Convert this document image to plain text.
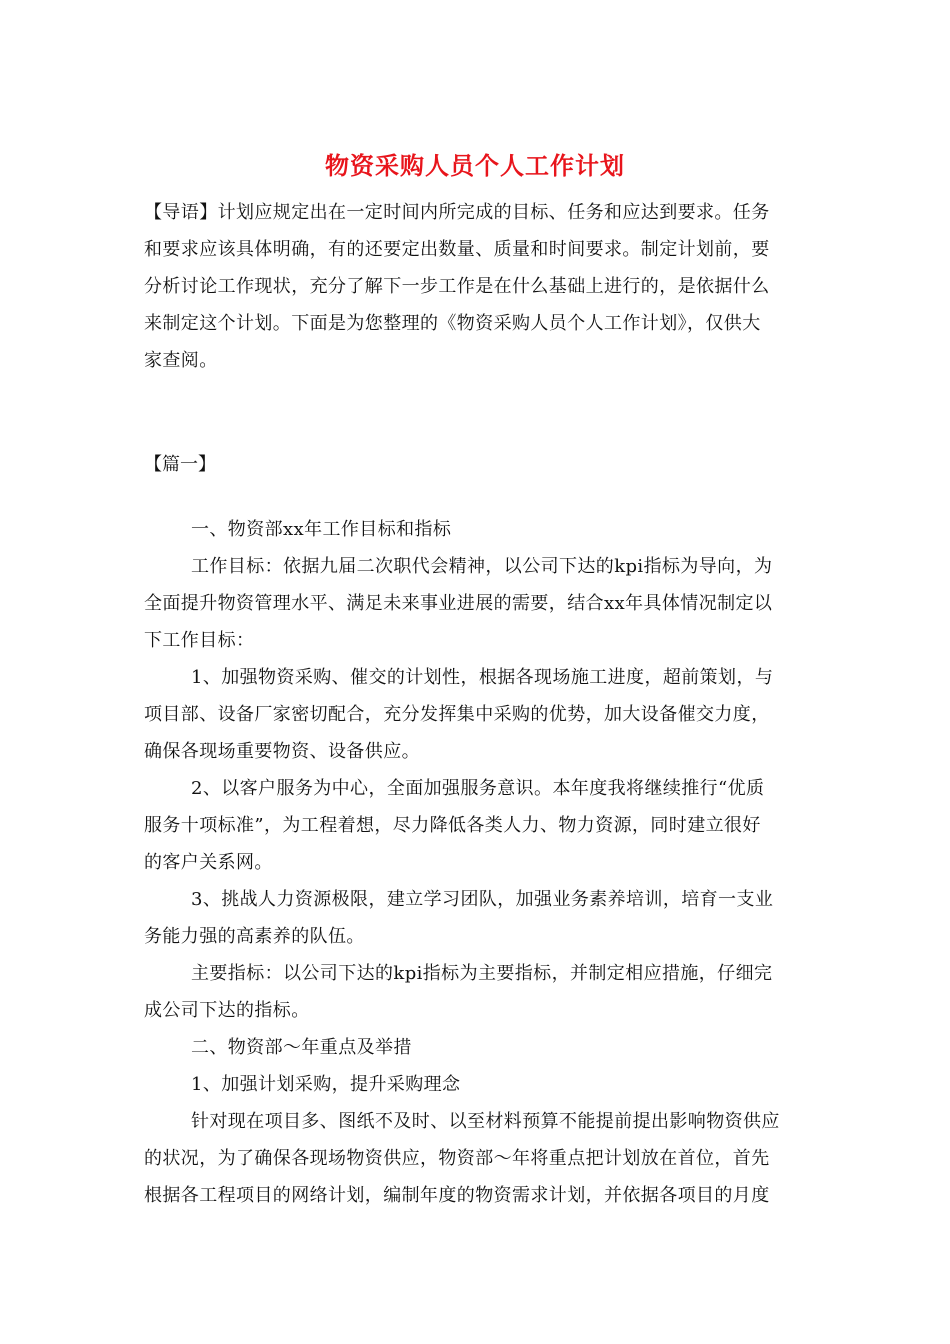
物资采购人员个人工作计划
【导语】计划应规定出在一定时间内所完成的目标、任务和应达到要求。任务
和要求应该具体明确，有的还要定出数量、质量和时间要求。制定计划前，要
分析讨论工作现状，充分了解下一步工作是在什么基础上进行的，是依据什么
来制定这个计划。下面是为您整理的《物资采购人员个人工作计划》，仅供大
家查阅。
【篇一】
一、物资部xx年工作目标和指标
工作目标：依据九届二次职代会精神，以公司下达的kpi指标为导向，为
全面提升物资管理水平、满足未来事业进展的需要，结合xx年具体情况制定以
下工作目标：
1、加强物资采购、催交的计划性，根据各现场施工进度，超前策划，与
项目部、设备厂家密切配合，充分发挥集中采购的优势，加大设备催交力度，
确保各现场重要物资、设备供应。
2、以客户服务为中心，全面加强服务意识。本年度我将继续推行“优质
服务十项标准”，为工程着想，尽力降低各类人力、物力资源，同时建立很好
的客户关系网。
3、挑战人力资源极限，建立学习团队，加强业务素养培训，培育一支业
务能力强的高素养的队伍。
主要指标：以公司下达的kpi指标为主要指标，并制定相应措施，仔细完
成公司下达的指标。
二、物资部～年重点及举措
1、加强计划采购，提升采购理念
针对现在项目多、图纸不及时、以至材料预算不能提前提出影响物资供应
的状况，为了确保各现场物资供应，物资部～年将重点把计划放在首位，首先
根据各工程项目的网络计划，编制年度的物资需求计划，并依据各项目的月度
